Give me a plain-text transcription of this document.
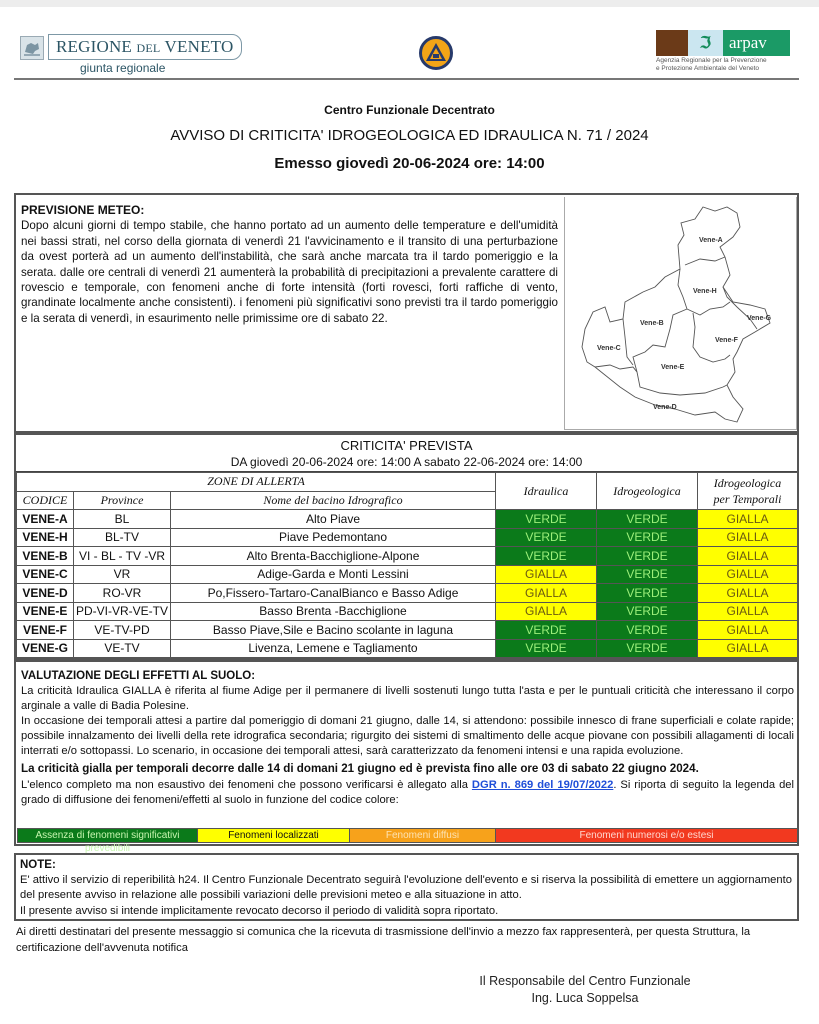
REGIONE DEL VENETO
giunta regionale
ℑ	arpav
Agenzia Regionale per la Prevenzione
e Protezione Ambientale del Veneto
Centro Funzionale Decentrato
AVVISO DI CRITICITA' IDROGEOLOGICA ED IDRAULICA N. 71 / 2024
Emesso giovedì 20-06-2024 ore: 14:00
PREVISIONE METEO:
Dopo alcuni giorni di tempo stabile, che hanno portato ad un aumento delle temperature e dell'umidità nei bassi strati, nel corso della giornata di venerdì 21 l'avvicinamento e il transito di una perturbazione da ovest porterà ad un aumento dell'instabilità, che sarà anche marcata tra il tardo pomeriggio e la serata. dalle ore centrali di venerdì 21 aumenterà la probabilità di precipitazioni a prevalente carattere di rovescio e temporale, con fenomeni anche di forte intensità (forti rovesci, forti raffiche di vento, grandinate localmente anche consistenti). i fenomeni più significativi sono previsti tra il tardo pomeriggio e la serata di venerdì, in esaurimento nelle primissime ore di sabato 22.
Vene-A
Vene-H
Vene-G
Vene-B
Vene-F
Vene-C
Vene-E
Vene-D
CRITICITA' PREVISTA
DA giovedì 20-06-2024 ore: 14:00 A sabato 22-06-2024 ore: 14:00
ZONE DI ALLERTA			Idraulica	Idrogeologica	Idrogeologica
per Temporali
CODICE	Province	Nome del bacino Idrografico			
VENE-A	BL	Alto Piave	VERDE	VERDE	GIALLA
VENE-H	BL-TV	Piave Pedemontano	VERDE	VERDE	GIALLA
VENE-B	VI - BL - TV -VR	Alto Brenta-Bacchiglione-Alpone	VERDE	VERDE	GIALLA
VENE-C	VR	Adige-Garda e Monti Lessini	GIALLA	VERDE	GIALLA
VENE-D	RO-VR	Po,Fissero-Tartaro-CanalBianco e Basso Adige	GIALLA	VERDE	GIALLA
VENE-E	PD-VI-VR-VE-TV	Basso Brenta -Bacchiglione	GIALLA	VERDE	GIALLA
VENE-F	VE-TV-PD	Basso Piave,Sile e Bacino scolante in laguna	VERDE	VERDE	GIALLA
VENE-G	VE-TV	Livenza, Lemene e Tagliamento	VERDE	VERDE	GIALLA
VALUTAZIONE DEGLI EFFETTI AL SUOLO:
La criticità Idraulica GIALLA è riferita al fiume Adige per il permanere di livelli sostenuti lungo tutta l'asta e per le puntuali criticità che interessano il corpo arginale a valle di Badia Polesine.
In occasione dei temporali attesi a partire dal pomeriggio di domani 21 giugno, dalle 14, si attendono: possibile innesco di frane superficiali e colate rapide; possibile innalzamento dei livelli della rete idrografica secondaria; rigurgito dei sistemi di smaltimento delle acque piovane con possibili allagamenti di locali interrati e/o sottopassi. Lo scenario, in occasione dei temporali attesi, sarà caratterizzato da fenomeni intensi e una rapida evoluzione.
La criticità gialla per temporali decorre dalle 14 di domani 21 giugno ed è prevista fino alle ore 03 di sabato 22 giugno 2024.
L'elenco completo ma non esaustivo dei fenomeni che possono verificarsi è allegato alla DGR n. 869 del 19/07/2022. Si riporta di seguito la legenda del grado di diffusione dei fenomeni/effetti al suolo in funzione del codice colore:
Assenza di fenomeni significativi prevedibili
Fenomeni localizzati	Fenomeni diffusi	Fenomeni numerosi e/o estesi
NOTE:
E' attivo il servizio di reperibilità h24. Il Centro Funzionale Decentrato seguirà l'evoluzione dell'evento e si riserva la possibilità di emettere un aggiornamento del presente avviso in relazione alle possibili variazioni delle previsioni meteo e alla situazione in atto.
Il presente avviso si intende implicitamente revocato decorso il periodo di validità sopra riportato.
Ai diretti destinatari del presente messaggio si comunica che la ricevuta di trasmissione dell'invio a mezzo fax rappresenterà, per questa Struttura, la certificazione dell'avvenuta notifica
Il Responsabile del Centro Funzionale
Ing. Luca Soppelsa
